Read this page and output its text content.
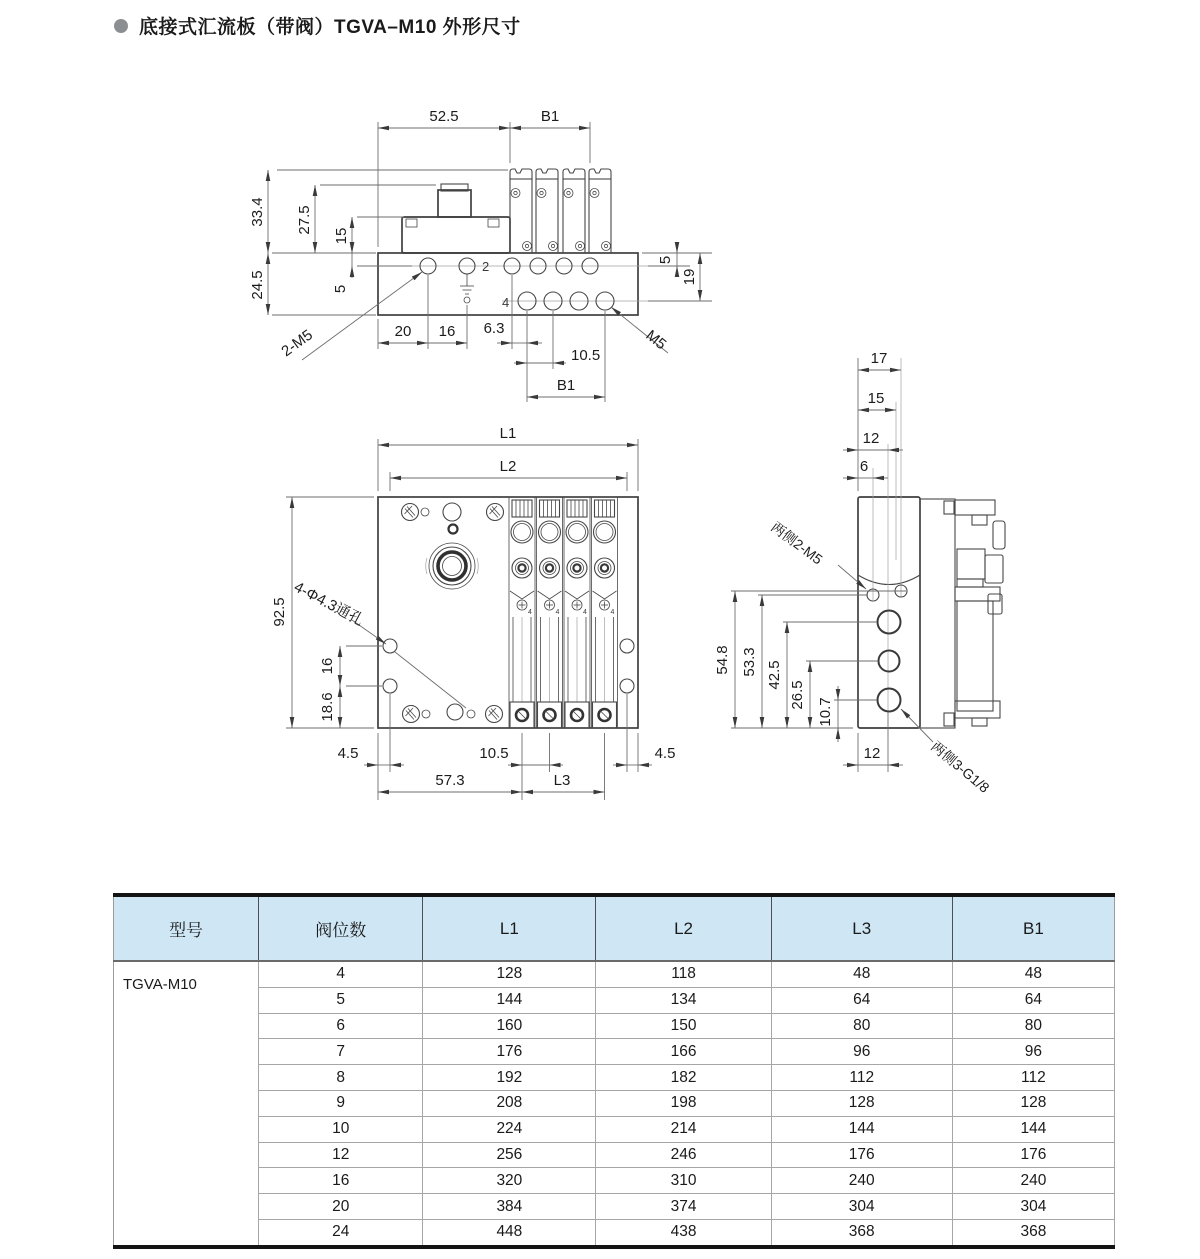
底接式汇流板（带阀）TGVA–M10 外形尺寸
4
2
4
52.5	B1
33.4 27.5
15
24.5	5
5
19
20 16 6.3
10.5
B1
2-M5	M5
L1
L2
92.5
16
18.6
4-Φ4.3通孔
4.5	10.5	4.5
57.3	L3
17
15
12
6
54.8 53.3 42.5
26.5
10.7
12
两侧2-M5
两侧3-G1/8
型号	阀位数	L1	L2	L3	B1
TGVA-M10	4	128	118	48	48
	5	144	134	64	64
	6	160	150	80	80
	7	176	166	96	96
	8	192	182	112	112
	9	208	198	128	128
	10	224	214	144	144
	12	256	246	176	176
	16	320	310	240	240
	20	384	374	304	304
	24	448	438	368	368
